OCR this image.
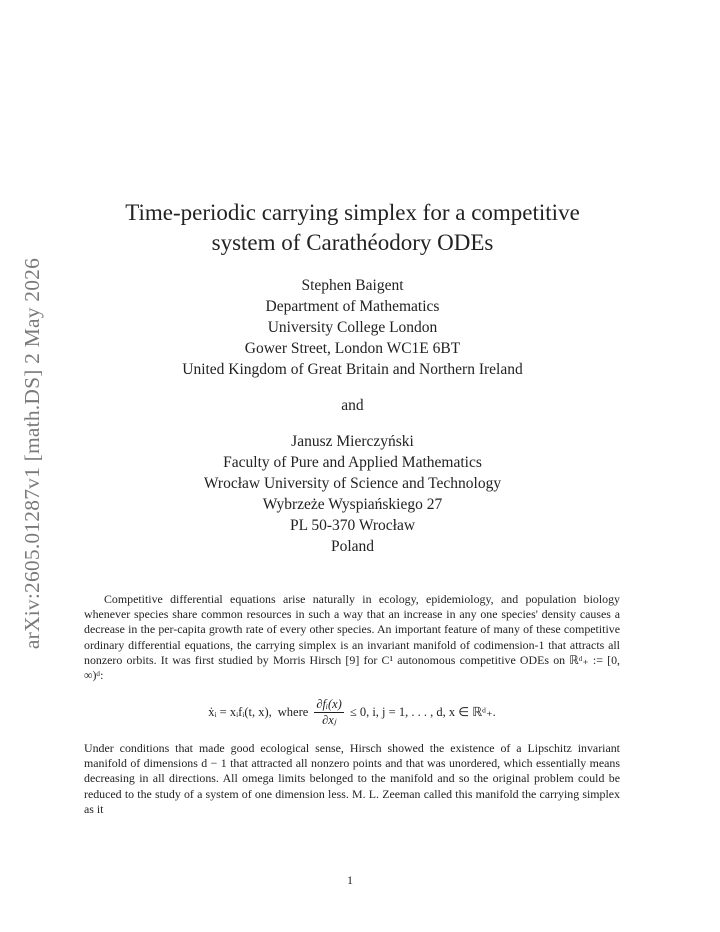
arXiv:2605.01287v1 [math.DS] 2 May 2026
Time-periodic carrying simplex for a competitive
system of Carathéodory ODEs
Stephen Baigent
Department of Mathematics
University College London
Gower Street, London WC1E 6BT
United Kingdom of Great Britain and Northern Ireland
and
Janusz Mierczyński
Faculty of Pure and Applied Mathematics
Wrocław University of Science and Technology
Wybrzeże Wyspiańskiego 27
PL 50-370 Wrocław
Poland

Competitive differential equations arise naturally in ecology, epidemiology, and population biology whenever species share common resources in such a way that an increase in any one species' density causes a decrease in the per-capita growth rate of every other species. An important feature of many of these competitive ordinary differential equations, the carrying simplex is an invariant manifold of codimension-1 that attracts all nonzero orbits. It was first studied by Morris Hirsch [9] for C¹ autonomous competitive ODEs on ℝᵈ₊ := [0, ∞)ᵈ:

ẋᵢ = xᵢfᵢ(t, x), where $\frac{\text{∂fᵢ(x)}}{\text{∂xⱼ}} \le 0$, i, j = 1, . . . , d, x ∈ ℝᵈ₊.

Under conditions that made good ecological sense, Hirsch showed the existence of a Lipschitz invariant manifold of dimensions d − 1 that attracted all nonzero points and that was unordered, which essentially means decreasing in all directions. All omega limits belonged to the manifold and so the original problem could be reduced to the study of a system of one dimension less. M. L. Zeeman called this manifold the carrying simplex as it

1
